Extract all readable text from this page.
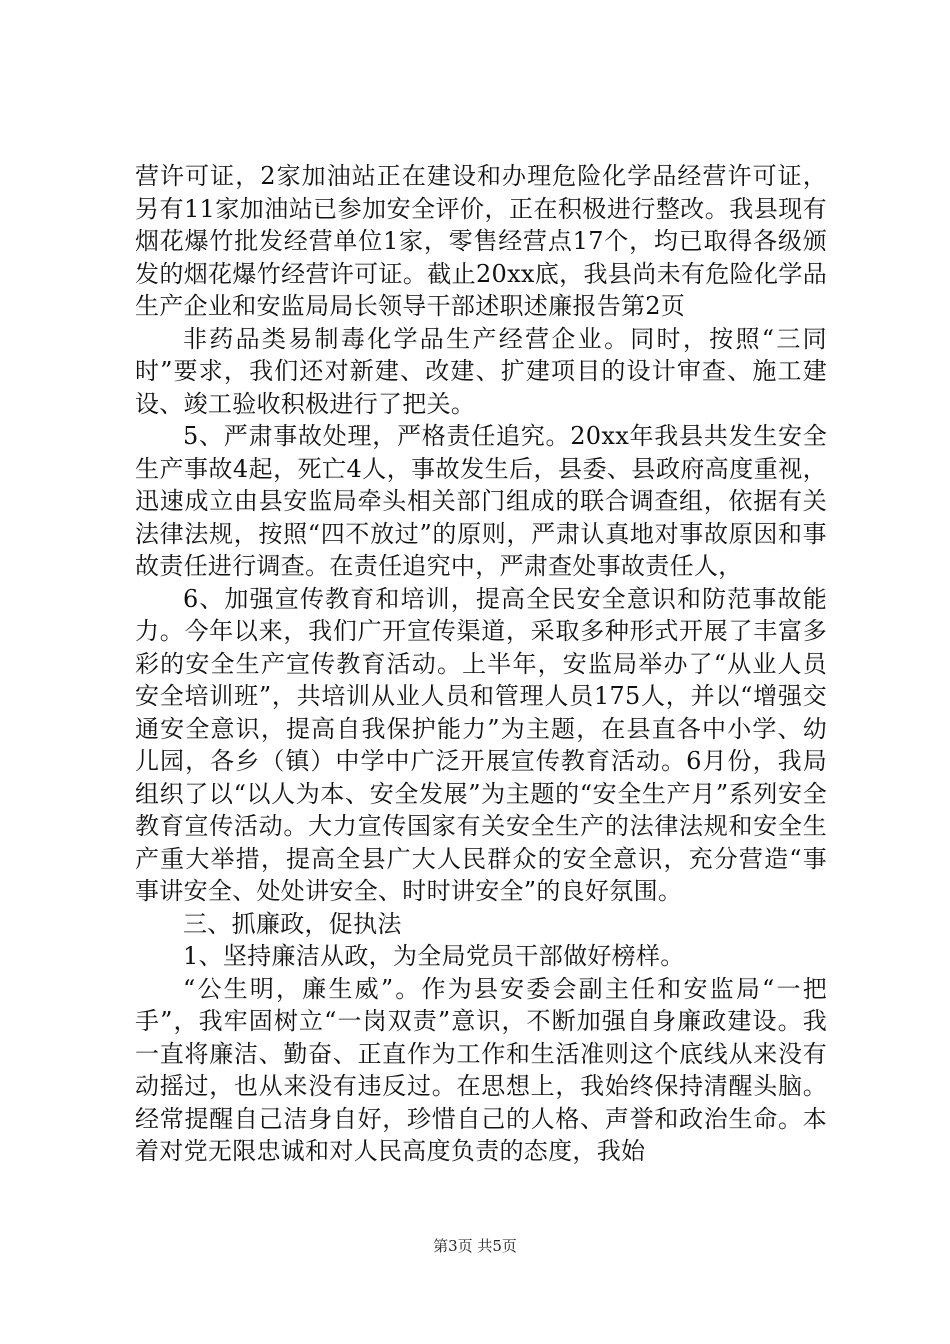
营许可证，2家加油站正在建设和办理危险化学品经营许可证，另有11家加油站已参加安全评价，正在积极进行整改。我县现有烟花爆竹批发经营单位1家，零售经营点17个，均已取得各级颁发的烟花爆竹经营许可证。截止20xx底，我县尚未有危险化学品生产企业和安监局局长领导干部述职述廉报告第2页

非药品类易制毒化学品生产经营企业。同时，按照“三同时”要求，我们还对新建、改建、扩建项目的设计审查、施工建设、竣工验收积极进行了把关。

5、严肃事故处理，严格责任追究。20xx年我县共发生安全生产事故4起，死亡4人，事故发生后，县委、县政府高度重视，迅速成立由县安监局牵头相关部门组成的联合调查组，依据有关法律法规，按照“四不放过”的原则，严肃认真地对事故原因和事故责任进行调查。在责任追究中，严肃查处事故责任人，

6、加强宣传教育和培训，提高全民安全意识和防范事故能力。今年以来，我们广开宣传渠道，采取多种形式开展了丰富多彩的安全生产宣传教育活动。上半年，安监局举办了“从业人员安全培训班”，共培训从业人员和管理人员175人，并以“增强交通安全意识，提高自我保护能力”为主题，在县直各中小学、幼儿园，各乡（镇）中学中广泛开展宣传教育活动。6月份，我局组织了以“以人为本、安全发展”为主题的“安全生产月”系列安全教育宣传活动。大力宣传国家有关安全生产的法律法规和安全生产重大举措，提高全县广大人民群众的安全意识，充分营造“事事讲安全、处处讲安全、时时讲安全”的良好氛围。

三、抓廉政，促执法

1、坚持廉洁从政，为全局党员干部做好榜样。

“公生明，廉生威”。作为县安委会副主任和安监局“一把手”，我牢固树立“一岗双责”意识，不断加强自身廉政建设。我一直将廉洁、勤奋、正直作为工作和生活准则这个底线从来没有动摇过，也从来没有违反过。在思想上，我始终保持清醒头脑。经常提醒自己洁身自好，珍惜自己的人格、声誉和政治生命。本着对党无限忠诚和对人民高度负责的态度，我始

第3页 共5页
